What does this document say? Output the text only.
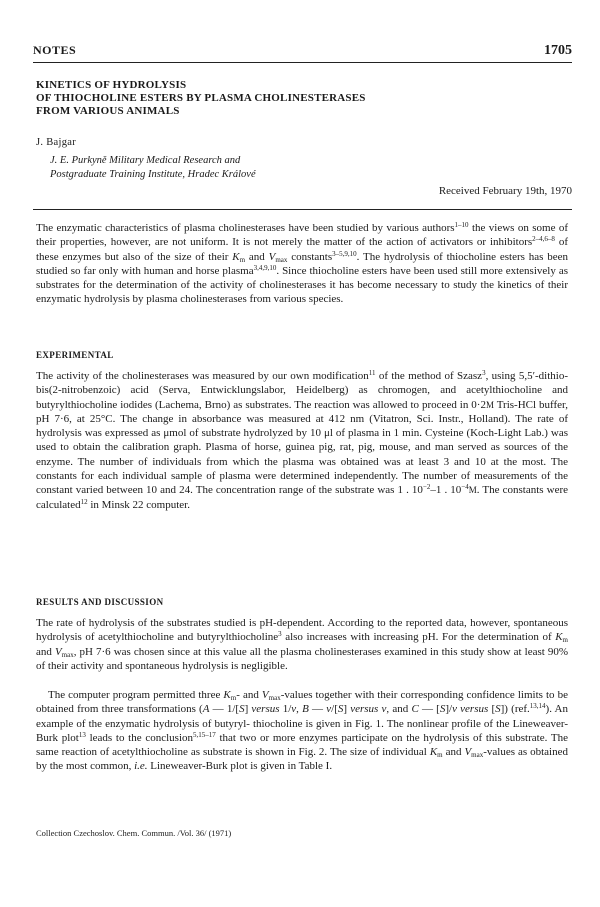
NOTES	1705
KINETICS OF HYDROLYSIS
OF THIOCHOLINE ESTERS BY PLASMA CHOLINESTERASES
FROM VARIOUS ANIMALS
J. Bajgar
J. E. Purkyně Military Medical Research and
Postgraduate Training Institute, Hradec Králové
Received February 19th, 1970

The enzymatic characteristics of plasma cholinesterases have been studied by various authors$^{1-10}$ the views on some of their properties, however, are not uniform. It is not merely the matter of the action of activators or inhibitors$^{2-4,6-8}$ of these enzymes but also of the size of their $K_m$ and $V_{max}$ constants$^{3-5,9,10}$. The hydrolysis of thiocholine esters has been studied so far only with human and horse plasma$^{3,4,9,10}$. Since thiocholine esters have been used still more extensively as substrates for the determination of the activity of cholinesterases it has become necessary to study the kinetics of their enzymatic hydrolysis by plasma cholinesterases from various species.

EXPERIMENTAL

The activity of the cholinesterases was measured by our own modification$^{11}$ of the method of Szasz$^3$, using 5,5′-dithio-bis(2-nitrobenzoic) acid (Serva, Entwicklungslabor, Heidelberg) as chromogen, and acetylthiocholine and butyrylthiocholine iodides (Lachema, Brno) as substrates. The reaction was allowed to proceed in 0·2M Tris-HCl buffer, pH 7·6, at 25°C. The change in absorbance was measured at 412 nm (Vitatron, Sci. Instr., Holland). The rate of hydrolysis was expressed as μmol of substrate hydrolyzed by 10 μl of plasma in 1 min. Cysteine (Koch-Light Lab.) was used to obtain the calibration graph. Plasma of horse, guinea pig, rat, pig, mouse, and man served as sources of the enzyme. The number of individuals from which the plasma was obtained was at least 3 and 10 at the most. The constants for each individual sample of plasma were determined independently. The number of measurements of the constant varied between 10 and 24. The concentration range of the substrate was 1 . $10^{-2}-1$ . $10^{-4}M$. The constants were calculated$^{12}$ in Minsk 22 computer.

RESULTS AND DISCUSSION

The rate of hydrolysis of the substrates studied is pH-dependent. According to the reported data, however, spontaneous hydrolysis of acetylthiocholine and butyrylthiocholine$^3$ also increases with increasing pH. For the determination of $K_m$ and $V_{max}$, pH 7·6 was chosen since at this value all the plasma cholinesterases examined in this study show at least 90% of their activity and spontaneous hydrolysis is negligible.

The computer program permitted three $K_m-$ and $V_{max}$-values together with their corresponding confidence limits to be obtained from three transformations (A — 1/[S] versus 1/v, B — v/[S] versus v, and C — [S]/v versus [S]) (ref.$^{13,14}$). An example of the enzymatic hydrolysis of butyryl- thiocholine is given in Fig. 1. The nonlinear profile of the Lineweaver-Burk plot$^{13}$ leads to the conclusion$^{5,15-17}$ that two or more enzymes participate on the hydrolysis of this substrate. The same reaction of acetylthiocholine as substrate is shown in Fig. 2. The size of individual $K_m$ and $V_{max}$-values as obtained by the most common, i.e. Lineweaver-Burk plot is given in Table I.

Collection Czechoslov. Chem. Commun. /Vol. 36/ (1971)
